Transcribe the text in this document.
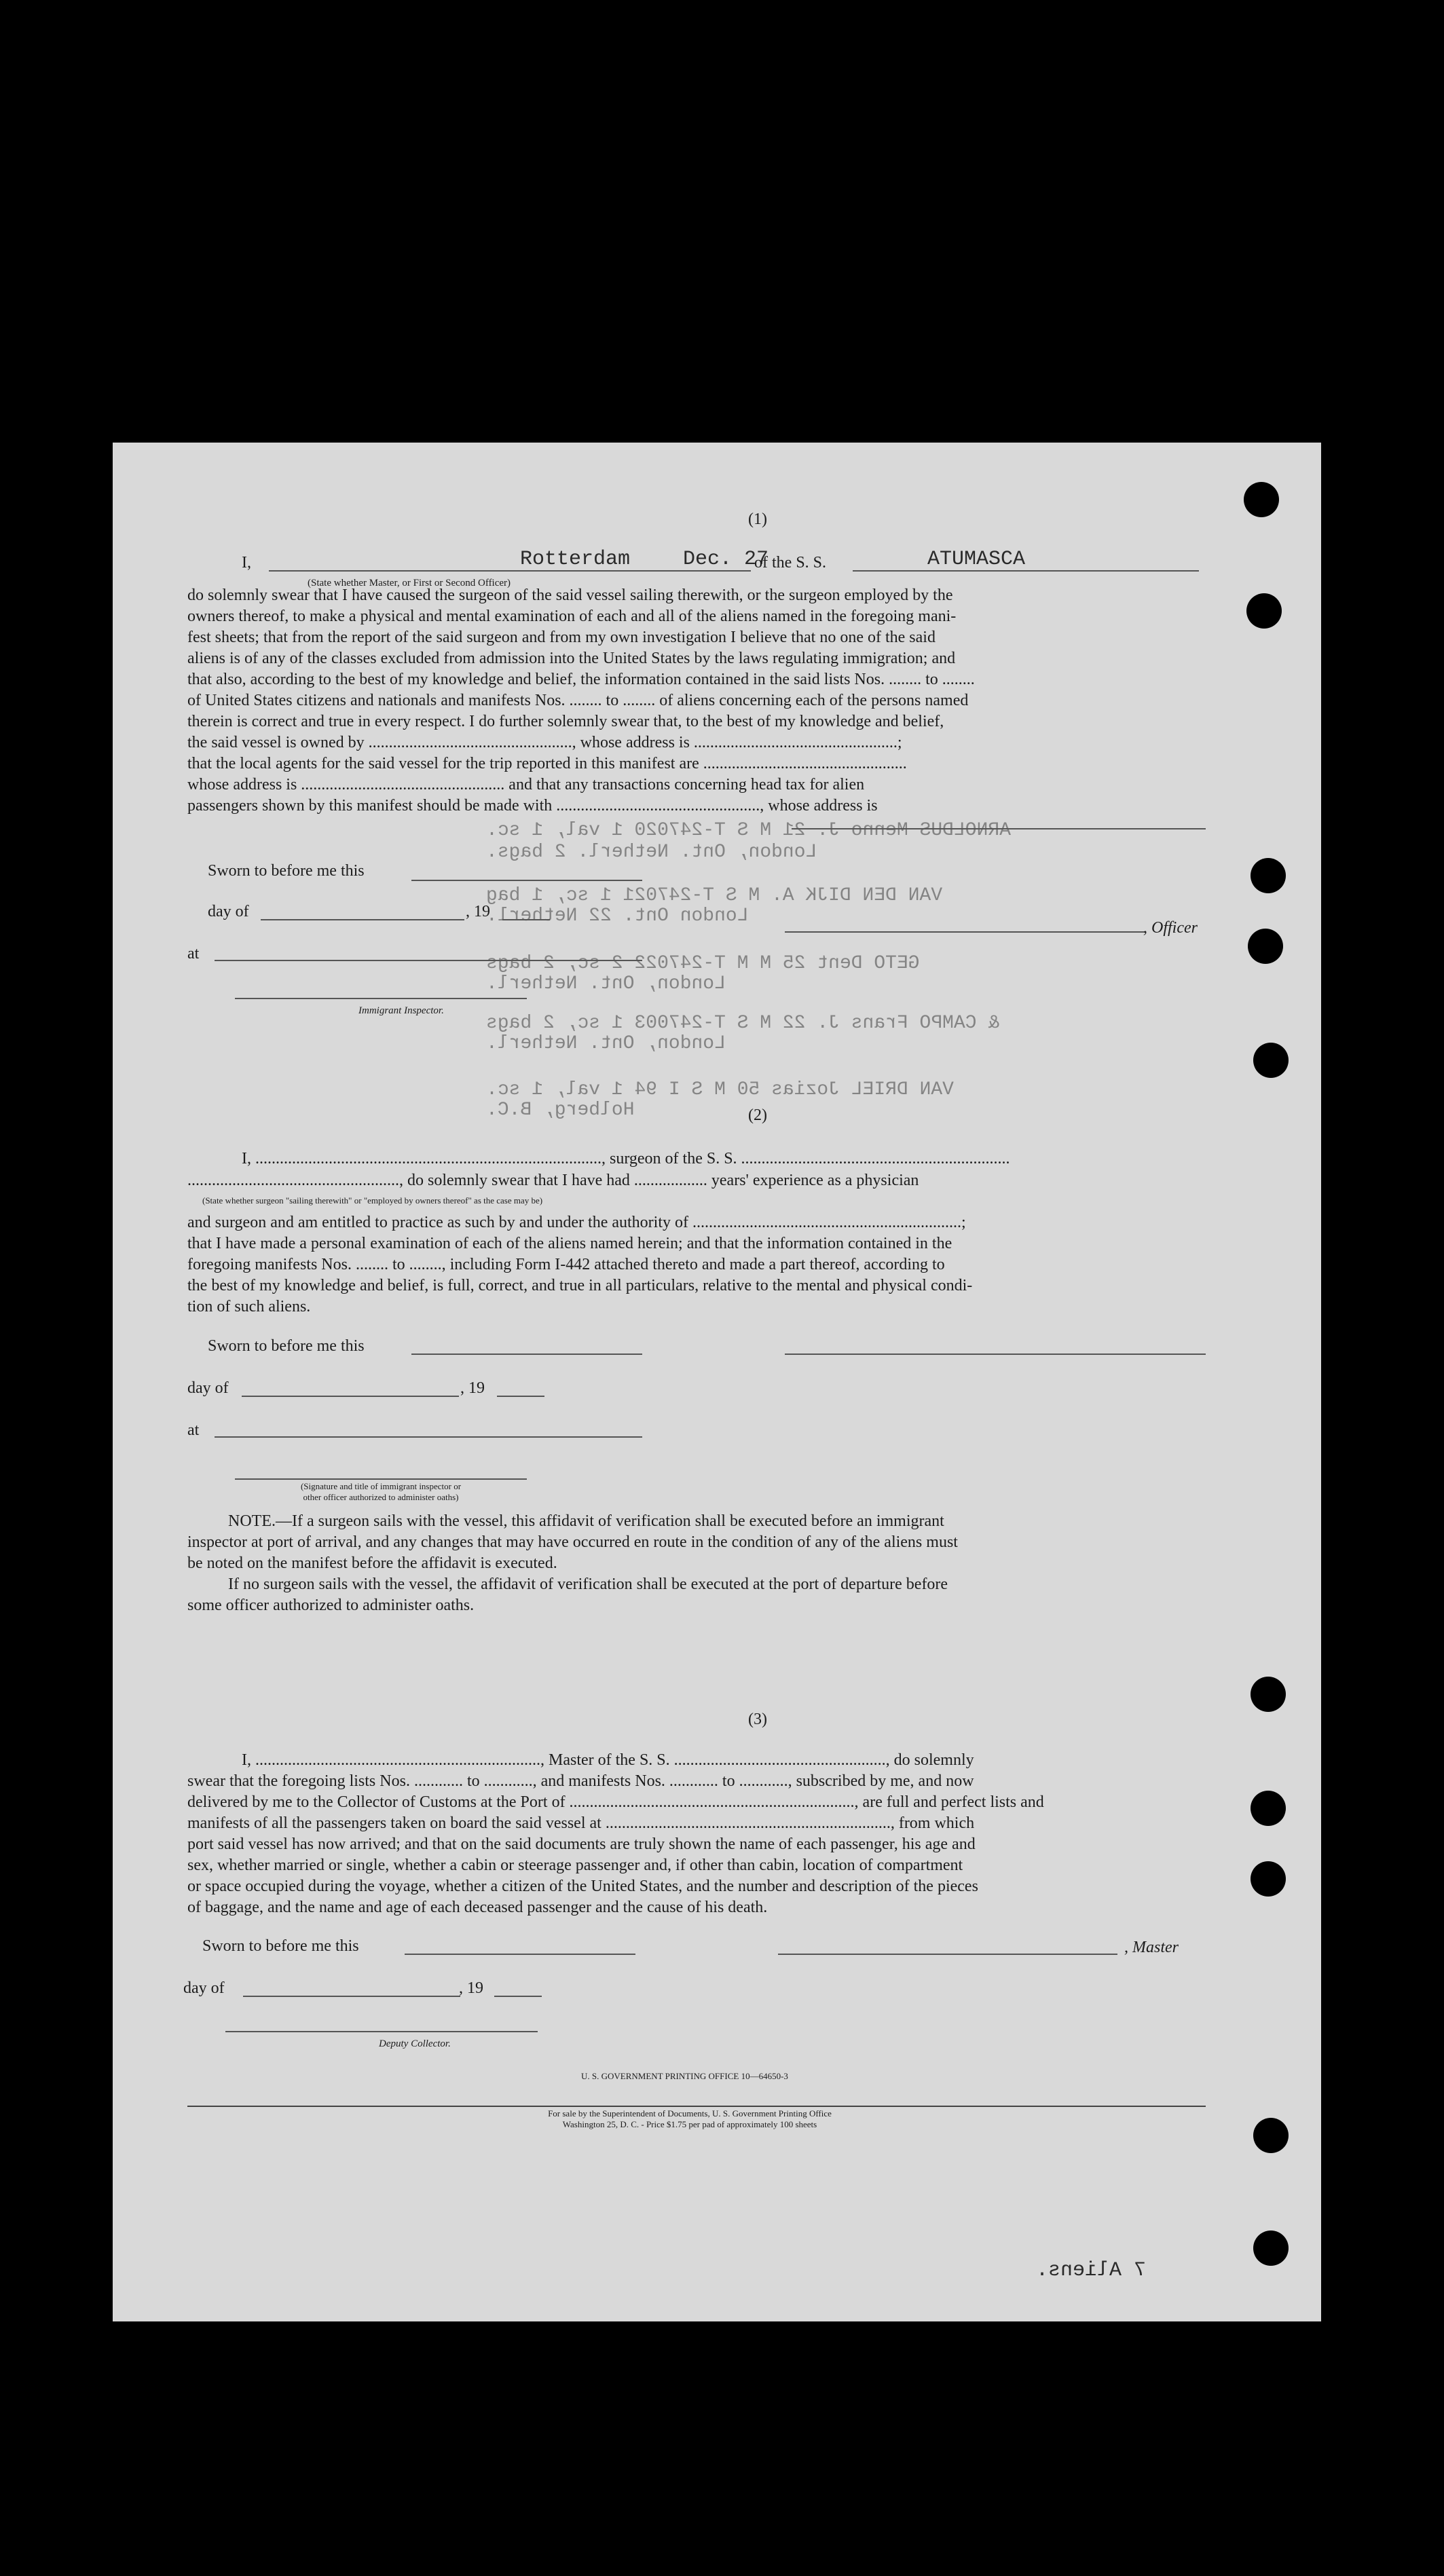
ARNOLDUS Menno J. 21 M S T-247020 1 val, 1 sc.
London, Ont. Netherl. 2 bags.
VAN DEN DIJK A. M S T-247021 1 sc, 1 bag
London Ont. 22 Netherl.
GETO Dent 25 M M T-247022 2 sc, 2 bags
London, Ont. Netherl.
& CAMPO Frans J. 22 M S T-247003 1 sc, 2 bags
London, Ont. Netherl.
VAN DRIEL Jozias 50 M S I 94 1 val, 1 sc.
Holberg, B.C.
(1)
I,	Rotterdam	Dec. 27
of the S. S.	ATUMASCA
(State whether Master, or First or Second Officer)
do solemnly swear that I have caused the surgeon of the said vessel sailing therewith, or the surgeon employed by the
owners thereof, to make a physical and mental examination of each and all of the aliens named in the foregoing mani-
fest sheets; that from the report of the said surgeon and from my own investigation I believe that no one of the said
aliens is of any of the classes excluded from admission into the United States by the laws regulating immigration; and
that also, according to the best of my knowledge and belief, the information contained in the said lists Nos. ........ to ........
of United States citizens and nationals and manifests Nos. ........ to ........ of aliens concerning each of the persons named
therein is correct and true in every respect. I do further solemnly swear that, to the best of my knowledge and belief,
the said vessel is owned by .................................................., whose address is ..................................................;
that the local agents for the said vessel for the trip reported in this manifest are ..................................................
whose address is .................................................. and that any transactions concerning head tax for alien
passengers shown by this manifest should be made with .................................................., whose address is
Sworn to before me this
day of	, 19
, Officer
at
Immigrant Inspector.
(2)
I, ....................................................................................., surgeon of the S. S. ..................................................................
...................................................., do solemnly swear that I have had .................. years' experience as a physician
(State whether surgeon "sailing therewith" or "employed by owners thereof" as the case may be)
and surgeon and am entitled to practice as such by and under the authority of ..................................................................;
that I have made a personal examination of each of the aliens named herein; and that the information contained in the
foregoing manifests Nos. ........ to ........, including Form I-442 attached thereto and made a part thereof, according to
the best of my knowledge and belief, is full, correct, and true in all particulars, relative to the mental and physical condi-
tion of such aliens.
Sworn to before me this
day of	, 19
at
(Signature and title of immigrant inspector or
other officer authorized to administer oaths)
NOTE.—If a surgeon sails with the vessel, this affidavit of verification shall be executed before an immigrant
inspector at port of arrival, and any changes that may have occurred en route in the condition of any of the aliens must
be noted on the manifest before the affidavit is executed.
If no surgeon sails with the vessel, the affidavit of verification shall be executed at the port of departure before
some officer authorized to administer oaths.
(3)
I, ......................................................................, Master of the S. S. ...................................................., do solemnly
swear that the foregoing lists Nos. ............ to ............, and manifests Nos. ............ to ............, subscribed by me, and now
delivered by me to the Collector of Customs at the Port of ......................................................................, are full and perfect lists and
manifests of all the passengers taken on board the said vessel at ......................................................................, from which
port said vessel has now arrived; and that on the said documents are truly shown the name of each passenger, his age and
sex, whether married or single, whether a cabin or steerage passenger and, if other than cabin, location of compartment
or space occupied during the voyage, whether a citizen of the United States, and the number and description of the pieces
of baggage, and the name and age of each deceased passenger and the cause of his death.
Sworn to before me this	, Master
day of	, 19
Deputy Collector.
U. S. GOVERNMENT PRINTING OFFICE 10—64650-3
For sale by the Superintendent of Documents, U. S. Government Printing Office
Washington 25, D. C. - Price $1.75 per pad of approximately 100 sheets
7 Aliens.
